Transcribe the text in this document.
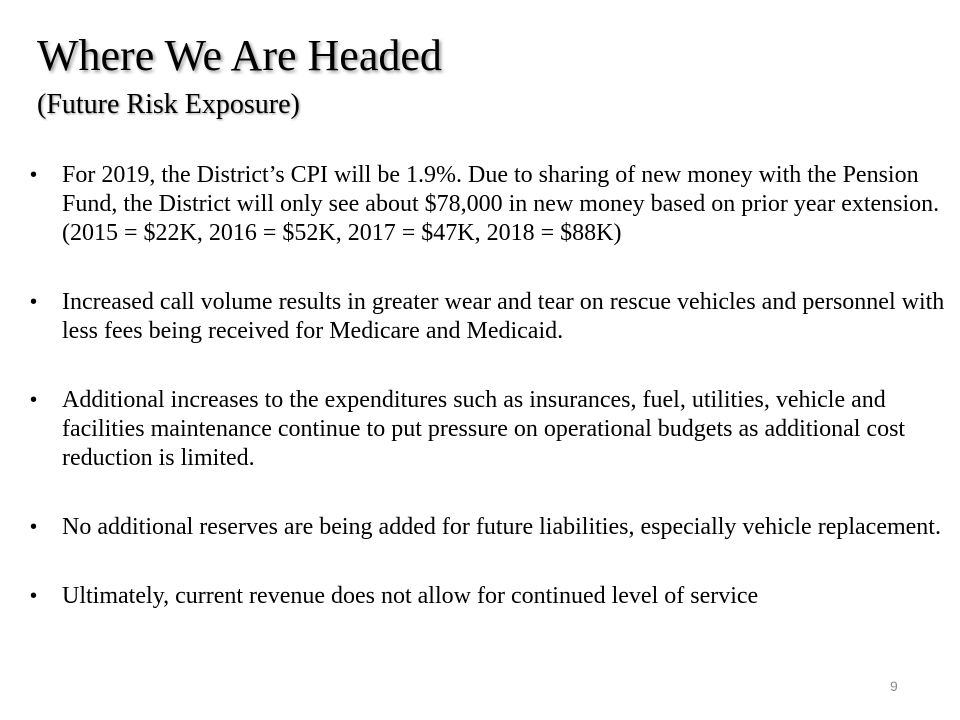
Where We Are Headed
(Future Risk Exposure)
• For 2019, the District’s CPI will be 1.9%. Due to sharing of new money with the Pension Fund, the District will only see about $78,000 in new money based on prior year extension. (2015 = $22K, 2016 = $52K, 2017 = $47K, 2018 = $88K)
• Increased call volume results in greater wear and tear on rescue vehicles and personnel with less fees being received for Medicare and Medicaid.
• Additional increases to the expenditures such as insurances, fuel, utilities, vehicle and facilities maintenance continue to put pressure on operational budgets as additional cost reduction is limited.
• No additional reserves are being added for future liabilities, especially vehicle replacement.
• Ultimately, current revenue does not allow for continued level of service
9
